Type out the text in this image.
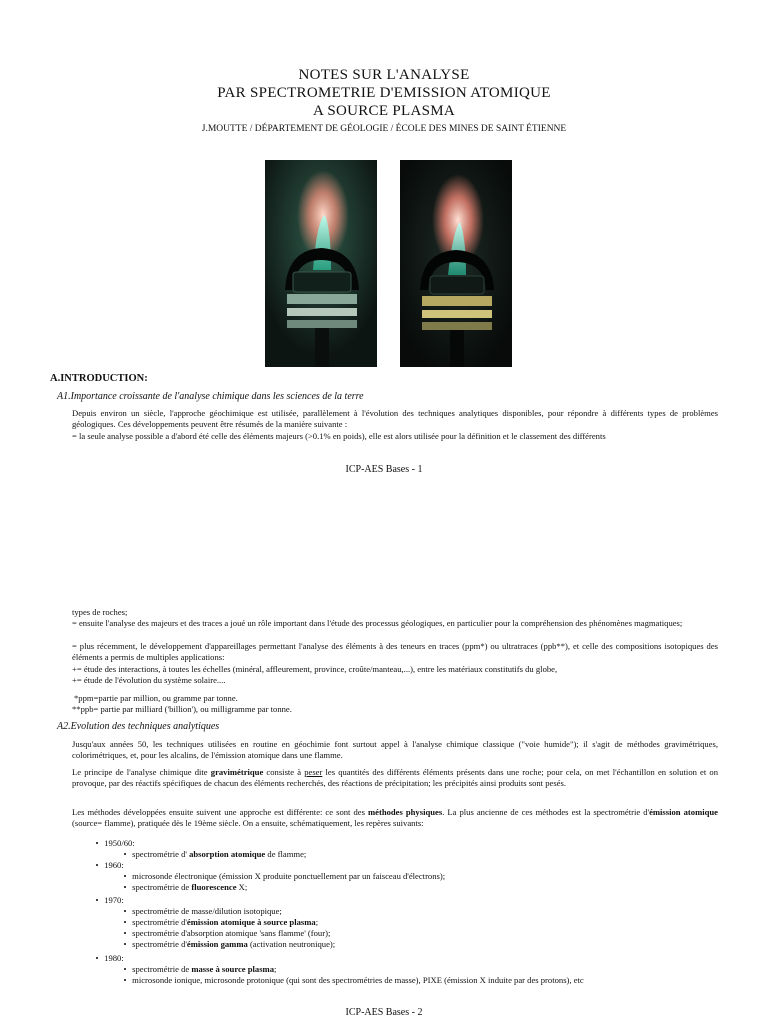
NOTES SUR L'ANALYSE
PAR SPECTROMETRIE D'EMISSION ATOMIQUE
A SOURCE PLASMA
J.MOUTTE / DÉPARTEMENT DE GÉOLOGIE / ÉCOLE DES MINES DE SAINT ÉTIENNE
A.INTRODUCTION:
A1.Importance croissante de l'analyse chimique dans les sciences de la terre
Depuis environ un siècle, l'approche géochimique est utilisée, parallèlement à l'évolution des techniques analytiques disponibles, pour répondre à différents types de problèmes géologiques. Ces développements peuvent être résumés de la manière suivante :
= la seule analyse possible a d'abord été celle des éléments majeurs (>0.1% en poids), elle est alors utilisée pour la définition et le classement des différents
ICP-AES Bases - 1
types de roches;
= ensuite l'analyse des majeurs et des traces a joué un rôle important dans l'étude des processus géologiques, en particulier pour la compréhension des phénomènes magmatiques;
= plus récemment, le développement d'appareillages permettant l'analyse des éléments à des teneurs en traces (ppm*) ou ultratraces (ppb**), et celle des compositions isotopiques des éléments a permis de multiples applications:
+= étude des interactions, à toutes les échelles (minéral, affleurement, province, croûte/manteau,...), entre les matériaux constitutifs du globe,
+= étude de l'évolution du système solaire....
*ppm=partie par million, ou gramme par tonne.
**ppb= partie par milliard ('billion'), ou milligramme par tonne.
A2.Evolution des techniques analytiques
Jusqu'aux années 50, les techniques utilisées en routine en géochimie font surtout appel à l'analyse chimique classique ("voie humide"); il s'agit de méthodes gravimétriques, colorimétriques, et, pour les alcalins, de l'émission atomique dans une flamme.
Le principe de l'analyse chimique dite gravimétrique consiste à peser les quantités des différents éléments présents dans une roche; pour cela, on met l'échantillon en solution et on provoque, par des réactifs spécifiques de chacun des éléments recherchés, des réactions de précipitation; les précipités ainsi produits sont pesés.
Les méthodes développées ensuite suivent une approche est différente: ce sont des méthodes physiques. La plus ancienne de ces méthodes est la spectrométrie d'émission atomique (source= flamme), pratiquée dès le 19ème siècle. On a ensuite, schématiquement, les repères suivants:
• 1950/60:
• spectrométrie d' absorption atomique de flamme;
• 1960:
• microsonde électronique (émission X produite ponctuellement par un faisceau d'électrons);
• spectrométrie de fluorescence X;
• 1970:
• spectrométrie de masse/dilution isotopique;
• spectrométrie d'émission atomique à source plasma;
• spectrométrie d'absorption atomique 'sans flamme' (four);
• spectrométrie d'émission gamma (activation neutronique);
• 1980:
• spectrométrie de masse à source plasma;
• microsonde ionique, microsonde protonique (qui sont des spectrométries de masse), PIXE (émission X induite par des protons), etc
ICP-AES Bases - 2
